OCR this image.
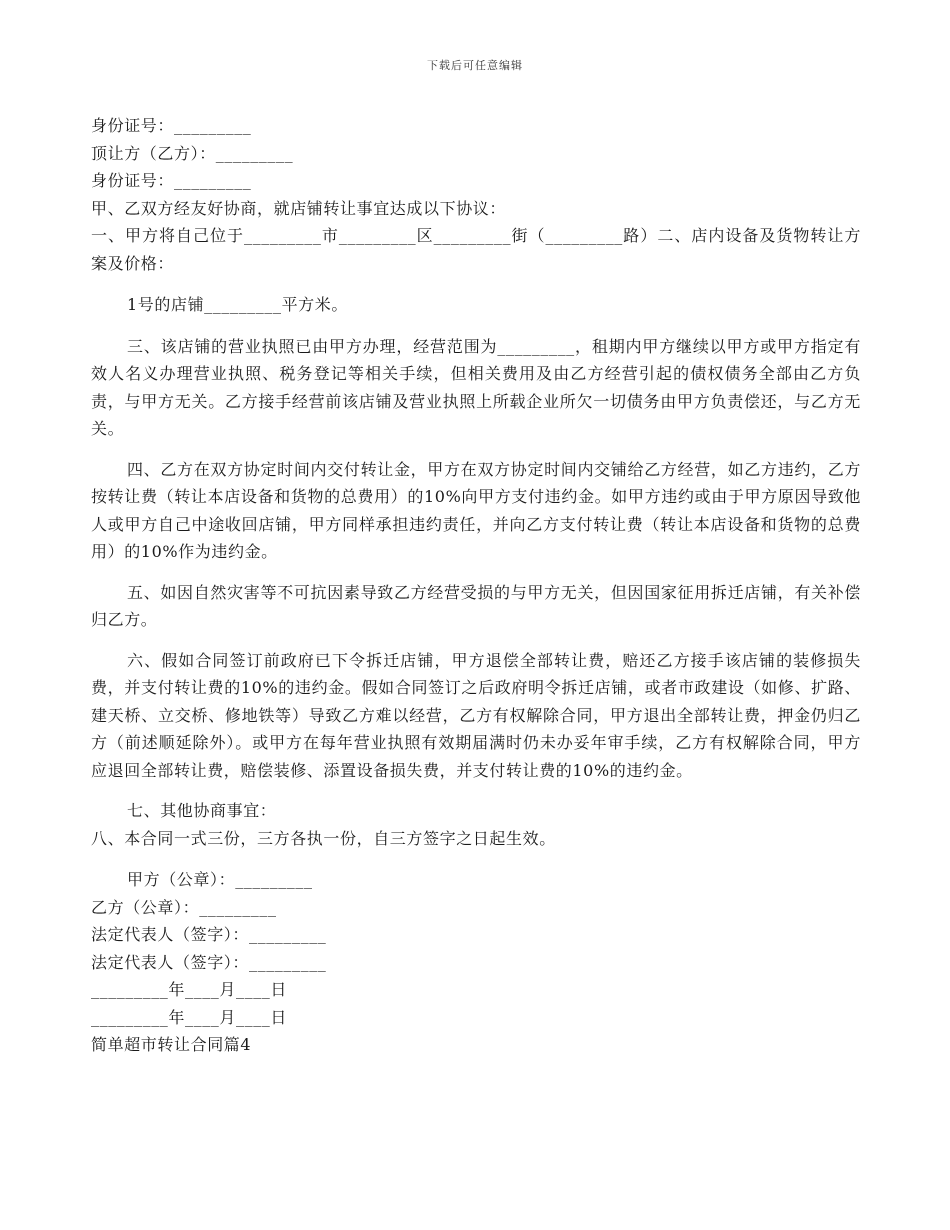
下载后可任意编辑
身份证号：_________
顶让方（乙方）：_________
身份证号：_________
甲、乙双方经友好协商，就店铺转让事宜达成以下协议：
一、甲方将自己位于_________市_________区_________街（_________路）二、店内设备及货物转让方案及价格：
1号的店铺_________平方米。
三、该店铺的营业执照已由甲方办理，经营范围为_________，租期内甲方继续以甲方或甲方指定有效人名义办理营业执照、税务登记等相关手续，但相关费用及由乙方经营引起的债权债务全部由乙方负责，与甲方无关。乙方接手经营前该店铺及营业执照上所载企业所欠一切债务由甲方负责偿还，与乙方无关。
四、乙方在双方协定时间内交付转让金，甲方在双方协定时间内交铺给乙方经营，如乙方违约，乙方按转让费（转让本店设备和货物的总费用）的10%向甲方支付违约金。如甲方违约或由于甲方原因导致他人或甲方自己中途收回店铺，甲方同样承担违约责任，并向乙方支付转让费（转让本店设备和货物的总费用）的10%作为违约金。
五、如因自然灾害等不可抗因素导致乙方经营受损的与甲方无关，但因国家征用拆迁店铺，有关补偿归乙方。
六、假如合同签订前政府已下令拆迁店铺，甲方退偿全部转让费，赔还乙方接手该店铺的装修损失费，并支付转让费的10%的违约金。假如合同签订之后政府明令拆迁店铺，或者市政建设（如修、扩路、建天桥、立交桥、修地铁等）导致乙方难以经营，乙方有权解除合同，甲方退出全部转让费，押金仍归乙方（前述顺延除外）。或甲方在每年营业执照有效期届满时仍未办妥年审手续，乙方有权解除合同，甲方应退回全部转让费，赔偿装修、添置设备损失费，并支付转让费的10%的违约金。
七、其他协商事宜：
八、本合同一式三份，三方各执一份，自三方签字之日起生效。
甲方（公章）：_________
乙方（公章）：_________
法定代表人（签字）：_________
法定代表人（签字）：_________
_________年____月____日
_________年____月____日
简单超市转让合同篇4
